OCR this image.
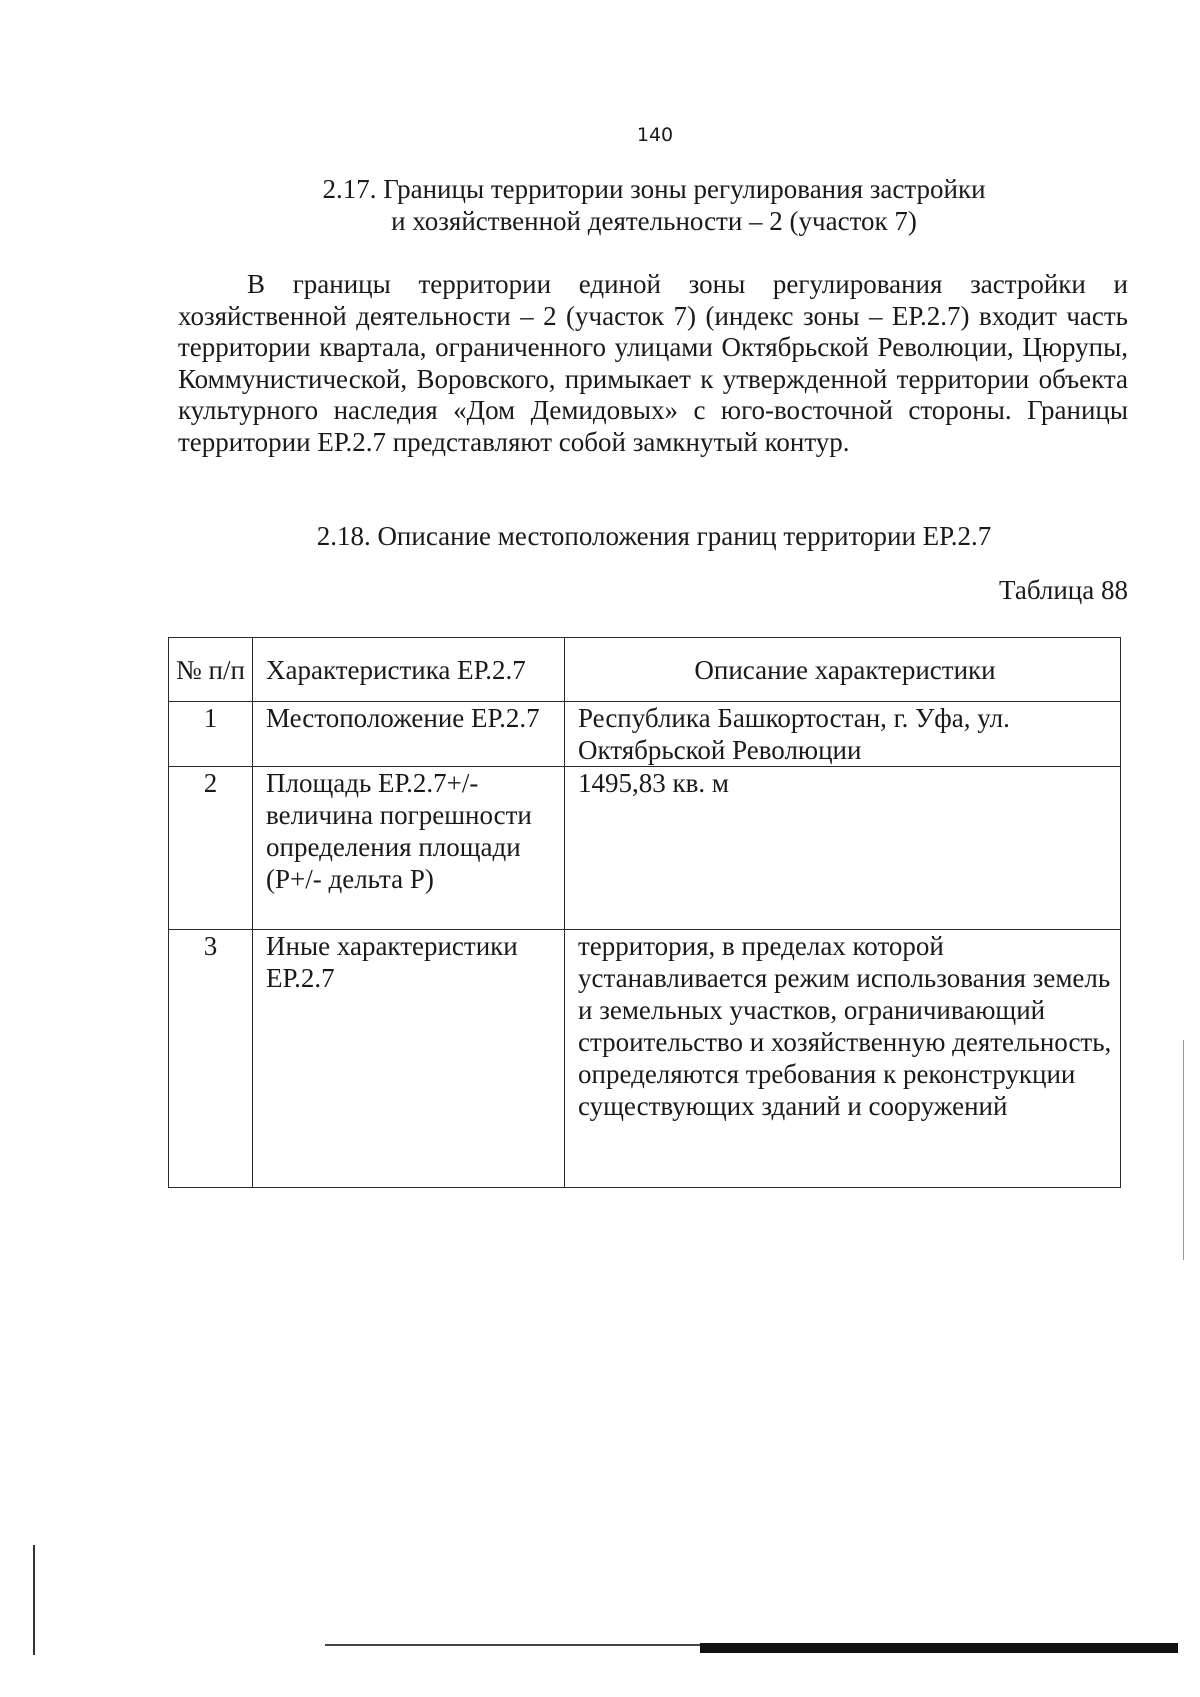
140
2.17. Границы территории зоны регулирования застройки
и хозяйственной деятельности – 2 (участок 7)
В границы территории единой зоны регулирования застройки и хозяйственной деятельности – 2 (участок 7) (индекс зоны – ЕР.2.7) входит часть территории квартала, ограниченного улицами Октябрьской Революции, Цюрупы, Коммунистической, Воровского, примыкает к утвержденной территории объекта культурного наследия «Дом Демидовых» с юго-восточной стороны. Границы территории ЕР.2.7 представляют собой замкнутый контур.
2.18. Описание местоположения границ территории ЕР.2.7
Таблица 88
№ п/п	Характеристика ЕР.2.7	Описание характеристики
1	Местоположение ЕР.2.7	Республика Башкортостан, г. Уфа, ул. Октябрьской Революции
2	Площадь ЕР.2.7+/- величина погрешности определения площади (Р+/- дельта Р)	1495,83 кв. м
3	Иные характеристики ЕР.2.7	территория, в пределах которой устанавливается режим использования земель и земельных участков, ограничивающий строительство и хозяйственную деятельность, определяются требования к реконструкции существующих зданий и сооружений
